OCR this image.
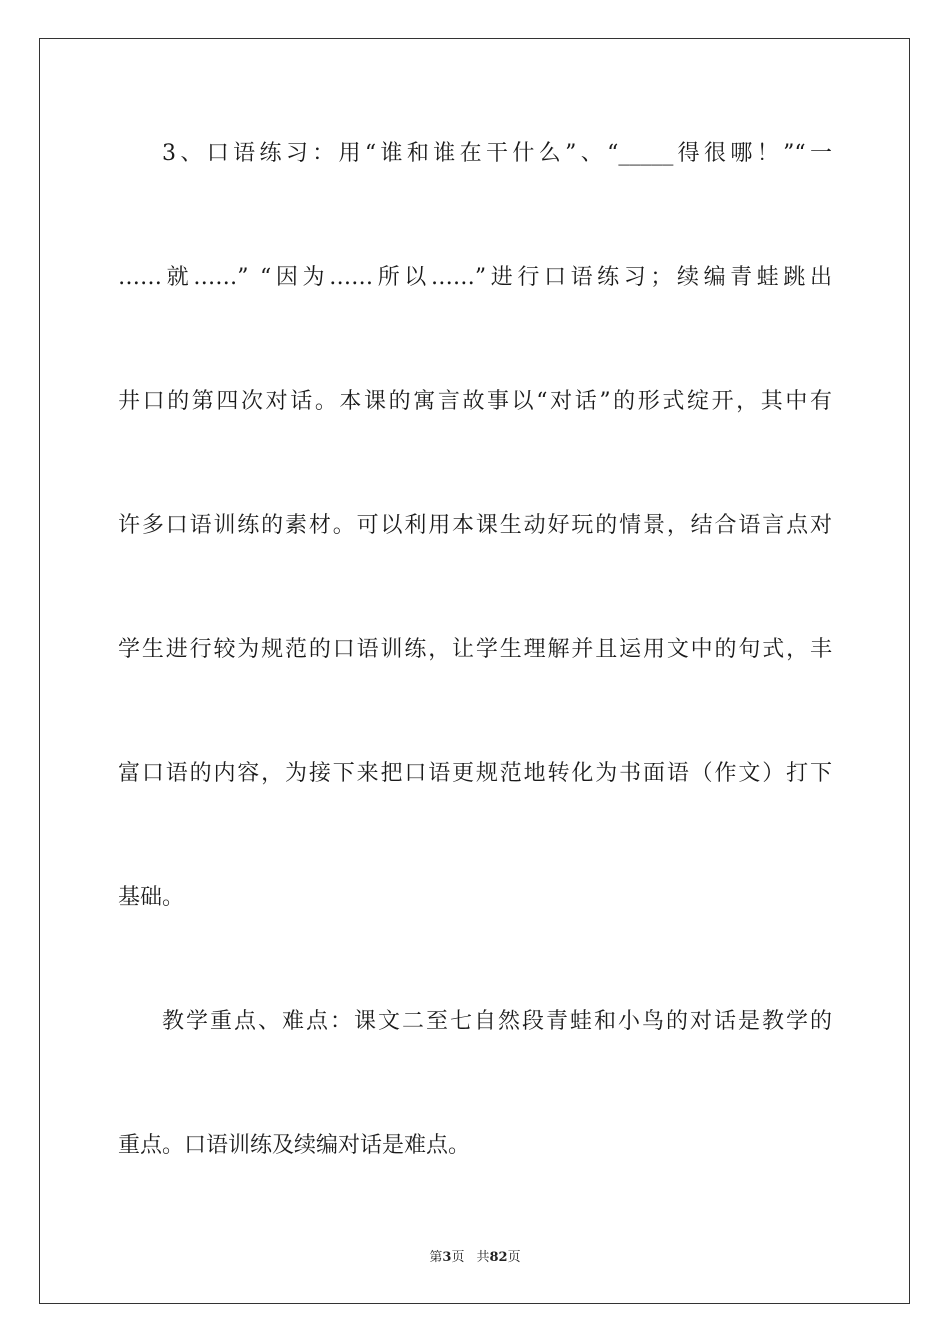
3、口语练习：用“谁和谁在干什么”、“_____得很哪！”“一
……就……” “因为……所以……”进行口语练习；续编青蛙跳出
井口的第四次对话。本课的寓言故事以“对话”的形式绽开，其中有
许多口语训练的素材。可以利用本课生动好玩的情景，结合语言点对
学生进行较为规范的口语训练，让学生理解并且运用文中的句式，丰
富口语的内容，为接下来把口语更规范地转化为书面语（作文）打下
基础。
教学重点、难点：课文二至七自然段青蛙和小鸟的对话是教学的
重点。口语训练及续编对话是难点。
第3页 共82页
